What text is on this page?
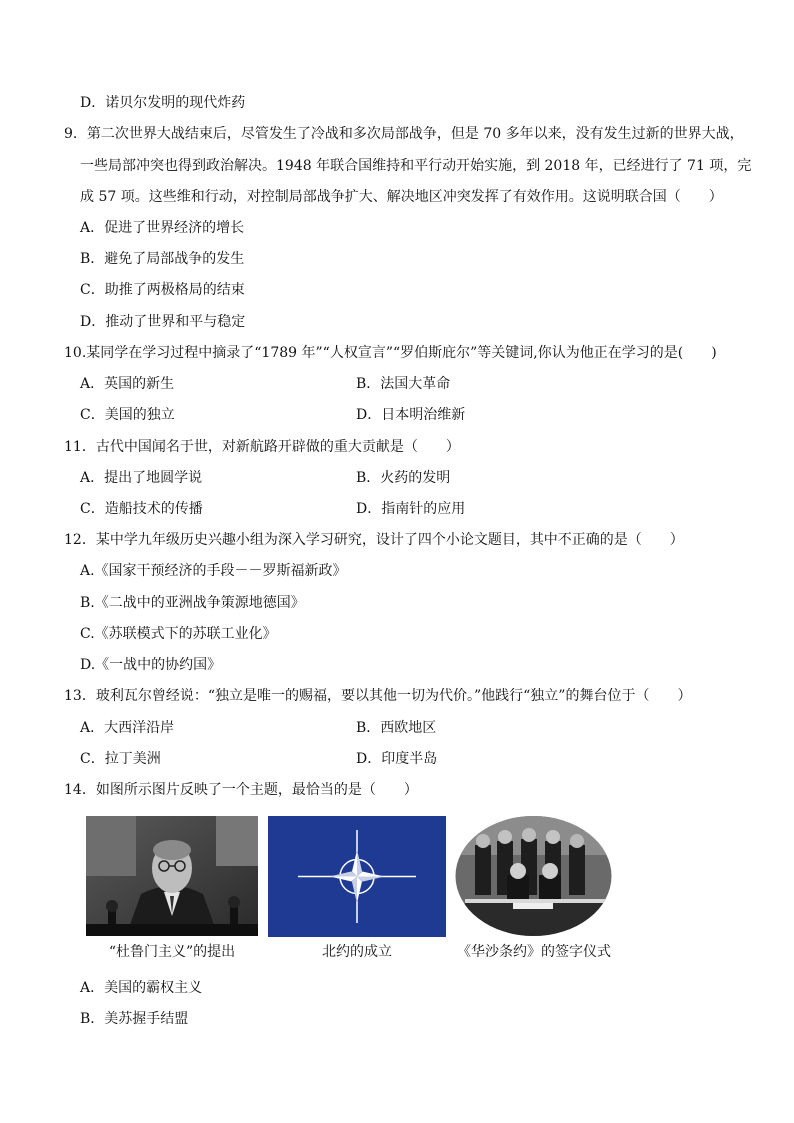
D．诺贝尔发明的现代炸药
9．第二次世界大战结束后，尽管发生了冷战和多次局部战争，但是 70 多年以来，没有发生过新的世界大战，
一些局部冲突也得到政治解决。1948 年联合国维持和平行动开始实施，到 2018 年，已经进行了 71 项，完
成 57 项。这些维和行动，对控制局部战争扩大、解决地区冲突发挥了有效作用。这说明联合国（　　）
A．促进了世界经济的增长
B．避免了局部战争的发生
C．助推了两极格局的结束
D．推动了世界和平与稳定
10.某同学在学习过程中摘录了“1789 年”“人权宣言”“罗伯斯庇尔”等关键词,你认为他正在学习的是(　　)
A．英国的新生	B．法国大革命
C．美国的独立	D．日本明治维新
11．古代中国闻名于世，对新航路开辟做的重大贡献是（　　）
A．提出了地圆学说	B．火药的发明
C．造船技术的传播	D．指南针的应用
12．某中学九年级历史兴趣小组为深入学习研究，设计了四个小论文题目，其中不正确的是（　　）
A.《国家干预经济的手段－－罗斯福新政》
B.《二战中的亚洲战争策源地德国》
C.《苏联模式下的苏联工业化》
D.《一战中的协约国》
13．玻利瓦尔曾经说：“独立是唯一的赐福，要以其他一切为代价。”他践行“独立”的舞台位于（　　）
A．大西洋沿岸	B．西欧地区
C．拉丁美洲	D．印度半岛
14．如图所示图片反映了一个主题，最恰当的是（　　）
“杜鲁门主义”的提出	北约的成立	《华沙条约》的签字仪式
A．美国的霸权主义
B．美苏握手结盟
